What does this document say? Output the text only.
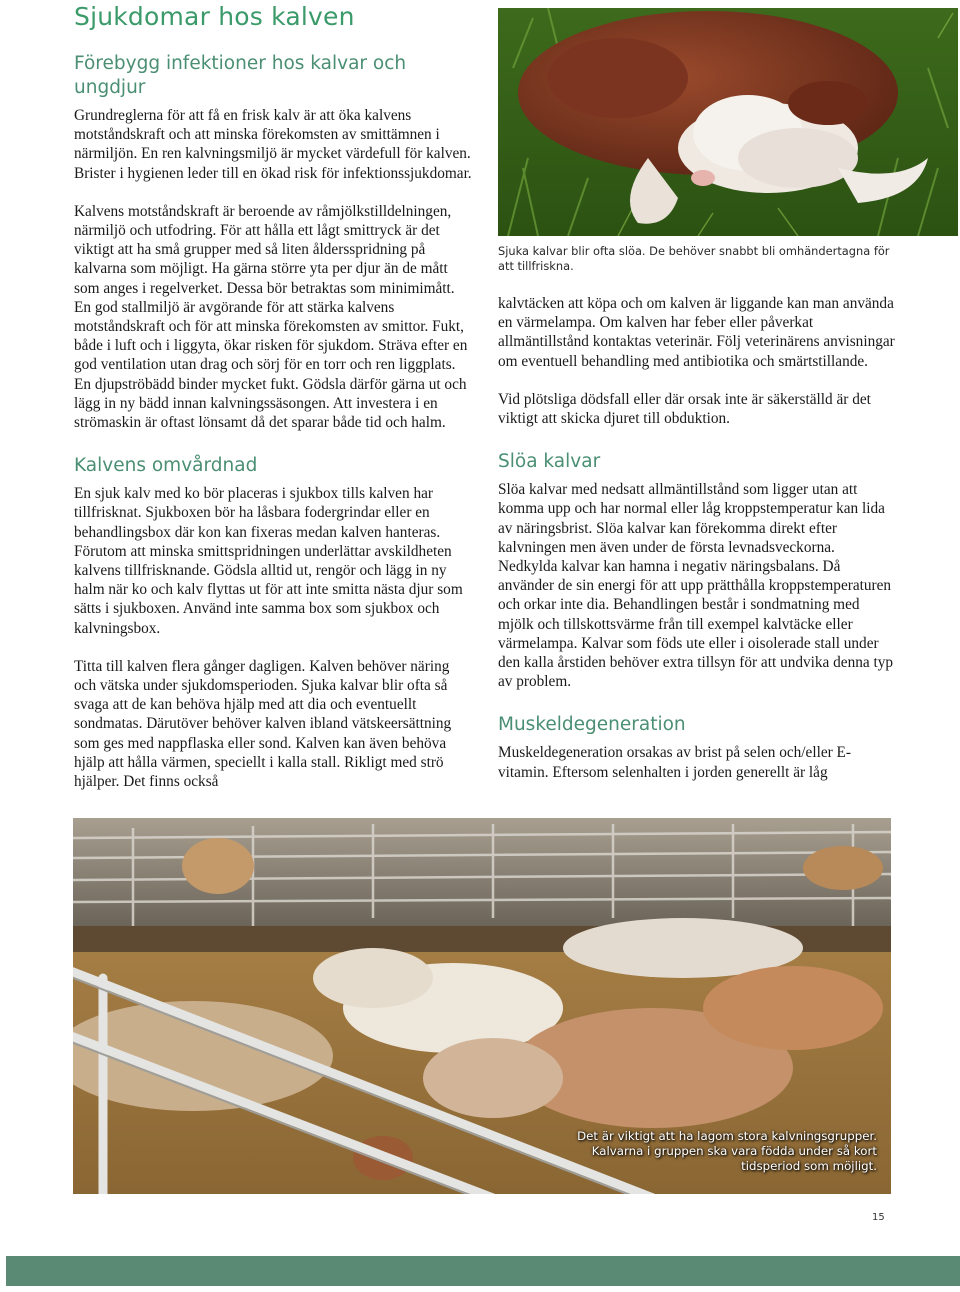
Sjukdomar hos kalven
Förebygg infektioner hos kalvar och ungdjur

Grundreglerna för att få en frisk kalv är att öka kalvens motståndskraft och att minska förekomsten av smittämnen i närmiljön. En ren kalvningsmiljö är mycket värdefull för kalven. Brister i hygienen leder till en ökad risk för infektionssjukdomar.

Kalvens motståndskraft är beroende av råmjölkstilldelningen, närmiljö och utfodring. För att hålla ett lågt smittryck är det viktigt att ha små grupper med så liten åldersspridning på kalvarna som möjligt. Ha gärna större yta per djur än de mått som anges i regelverket. Dessa bör betraktas som minimimått. En god stallmiljö är avgörande för att stärka kalvens motståndskraft och för att minska förekomsten av smittor. Fukt, både i luft och i liggyta, ökar risken för sjukdom. Sträva efter en god ventilation utan drag och sörj för en torr och ren liggplats. En djupströbädd binder mycket fukt. Gödsla därför gärna ut och lägg in ny bädd innan kalvningssäsongen. Att investera i en strömaskin är oftast lönsamt då det sparar både tid och halm.

Kalvens omvårdnad

En sjuk kalv med ko bör placeras i sjukbox tills kalven har tillfrisknat. Sjukboxen bör ha låsbara fodergrindar eller en behandlingsbox där kon kan fixeras medan kalven hanteras. Förutom att minska smittspridningen underlättar avskildheten kalvens tillfrisknande. Gödsla alltid ut, rengör och lägg in ny halm när ko och kalv flyttas ut för att inte smitta nästa djur som sätts i sjukboxen. Använd inte samma box som sjukbox och kalvningsbox.

Titta till kalven flera gånger dagligen. Kalven behöver näring och vätska under sjukdomsperioden. Sjuka kalvar blir ofta så svaga att de kan behöva hjälp med att dia och eventuellt sondmatas. Därutöver behöver kalven ibland vätskeersättning som ges med nappflaska eller sond. Kalven kan även behöva hjälp att hålla värmen, speciellt i kalla stall. Rikligt med strö hjälper. Det finns också

Sjuka kalvar blir ofta slöa. De behöver snabbt bli omhändertagna för att tillfriskna.

kalvtäcken att köpa och om kalven är liggande kan man använda en värmelampa. Om kalven har feber eller påverkat allmäntillstånd kontaktas veterinär. Följ veterinärens anvisningar om eventuell behandling med antibiotika och smärtstillande.

Vid plötsliga dödsfall eller där orsak inte är säkerställd är det viktigt att skicka djuret till obduktion.

Slöa kalvar

Slöa kalvar med nedsatt allmäntillstånd som ligger utan att komma upp och har normal eller låg kroppstemperatur kan lida av näringsbrist. Slöa kalvar kan förekomma direkt efter kalvningen men även under de första levnadsveckorna. Nedkylda kalvar kan hamna i negativ näringsbalans. Då använder de sin energi för att upp prätthålla kroppstemperaturen och orkar inte dia. Behandlingen består i sondmatning med mjölk och tillskottsvärme från till exempel kalvtäcke eller värmelampa. Kalvar som föds ute eller i oisolerade stall under den kalla årstiden behöver extra tillsyn för att undvika denna typ av problem.

Muskeldegeneration

Muskeldegeneration orsakas av brist på selen och/eller E-vitamin. Eftersom selenhalten i jorden generellt är låg

Det är viktigt att ha lagom stora kalvningsgrupper. Kalvarna i gruppen ska vara födda under så kort tidsperiod som möjligt.
15
